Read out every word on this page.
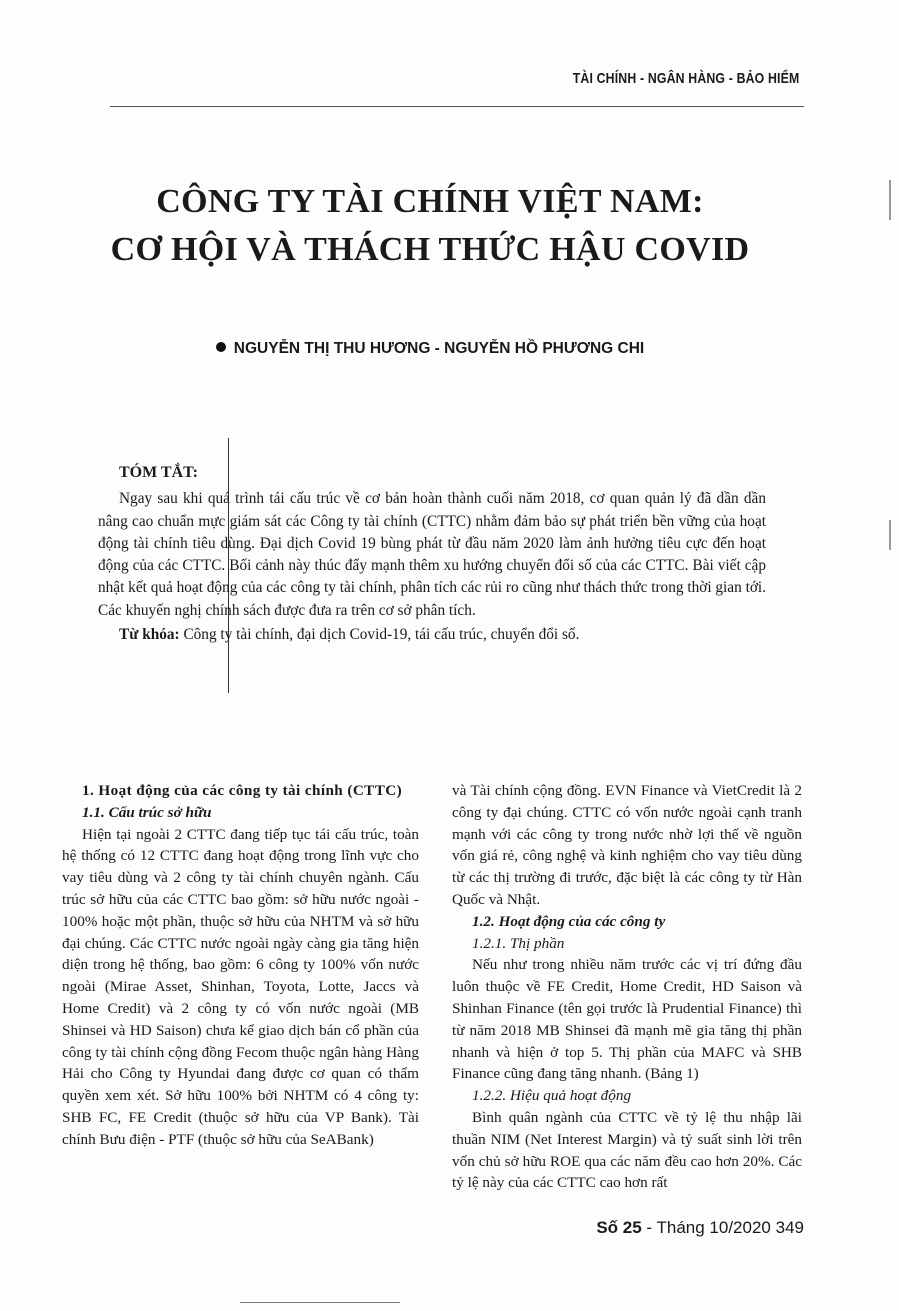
TÀI CHÍNH - NGÂN HÀNG - BẢO HIỂM
CÔNG TY TÀI CHÍNH VIỆT NAM:
CƠ HỘI VÀ THÁCH THỨC HẬU COVID
NGUYỄN THỊ THU HƯƠNG - NGUYỄN HỒ PHƯƠNG CHI
TÓM TẮT:

Ngay sau khi quá trình tái cấu trúc về cơ bản hoàn thành cuối năm 2018, cơ quan quản lý đã dần dần nâng cao chuẩn mực giám sát các Công ty tài chính (CTTC) nhằm đảm bảo sự phát triển bền vững của hoạt động tài chính tiêu dùng. Đại dịch Covid 19 bùng phát từ đầu năm 2020 làm ảnh hưởng tiêu cực đến hoạt động của các CTTC. Bối cảnh này thúc đẩy mạnh thêm xu hướng chuyển đổi số của các CTTC. Bài viết cập nhật kết quả hoạt động của các công ty tài chính, phân tích các rủi ro cũng như thách thức trong thời gian tới. Các khuyến nghị chính sách được đưa ra trên cơ sở phân tích.

Từ khóa: Công ty tài chính, đại dịch Covid-19, tái cấu trúc, chuyển đổi số.

1. Hoạt động của các công ty tài chính (CTTC)
1.1. Cấu trúc sở hữu

Hiện tại ngoài 2 CTTC đang tiếp tục tái cấu trúc, toàn hệ thống có 12 CTTC đang hoạt động trong lĩnh vực cho vay tiêu dùng và 2 công ty tài chính chuyên ngành. Cấu trúc sở hữu của các CTTC bao gồm: sở hữu nước ngoài - 100% hoặc một phần, thuộc sở hữu của NHTM và sở hữu đại chúng. Các CTTC nước ngoài ngày càng gia tăng hiện diện trong hệ thống, bao gồm: 6 công ty 100% vốn nước ngoài (Mirae Asset, Shinhan, Toyota, Lotte, Jaccs và Home Credit) và 2 công ty có vốn nước ngoài (MB Shinsei và HD Saison) chưa kể giao dịch bán cổ phần của công ty tài chính cộng đồng Fecom thuộc ngân hàng Hàng Hải cho Công ty Hyundai đang được cơ quan có thẩm quyền xem xét. Sở hữu 100% bởi NHTM có 4 công ty: SHB FC, FE Credit (thuộc sở hữu của VP Bank). Tài chính Bưu điện - PTF (thuộc sở hữu của SeABank)

và Tài chính cộng đồng. EVN Finance và VietCredit là 2 công ty đại chúng. CTTC có vốn nước ngoài cạnh tranh mạnh với các công ty trong nước nhờ lợi thế về nguồn vốn giá rẻ, công nghệ và kinh nghiệm cho vay tiêu dùng từ các thị trường đi trước, đặc biệt là các công ty từ Hàn Quốc và Nhật.

1.2. Hoạt động của các công ty
1.2.1. Thị phần

Nếu như trong nhiều năm trước các vị trí đứng đầu luôn thuộc về FE Credit, Home Credit, HD Saison và Shinhan Finance (tên gọi trước là Prudential Finance) thì từ năm 2018 MB Shinsei đã mạnh mẽ gia tăng thị phần nhanh và hiện ở top 5. Thị phần của MAFC và SHB Finance cũng đang tăng nhanh. (Bảng 1)

1.2.2. Hiệu quả hoạt động

Bình quân ngành của CTTC về tỷ lệ thu nhập lãi thuần NIM (Net Interest Margin) và tỷ suất sinh lời trên vốn chủ sở hữu ROE qua các năm đều cao hơn 20%. Các tỷ lệ này của các CTTC cao hơn rất

Số 25 - Tháng 10/2020 349
